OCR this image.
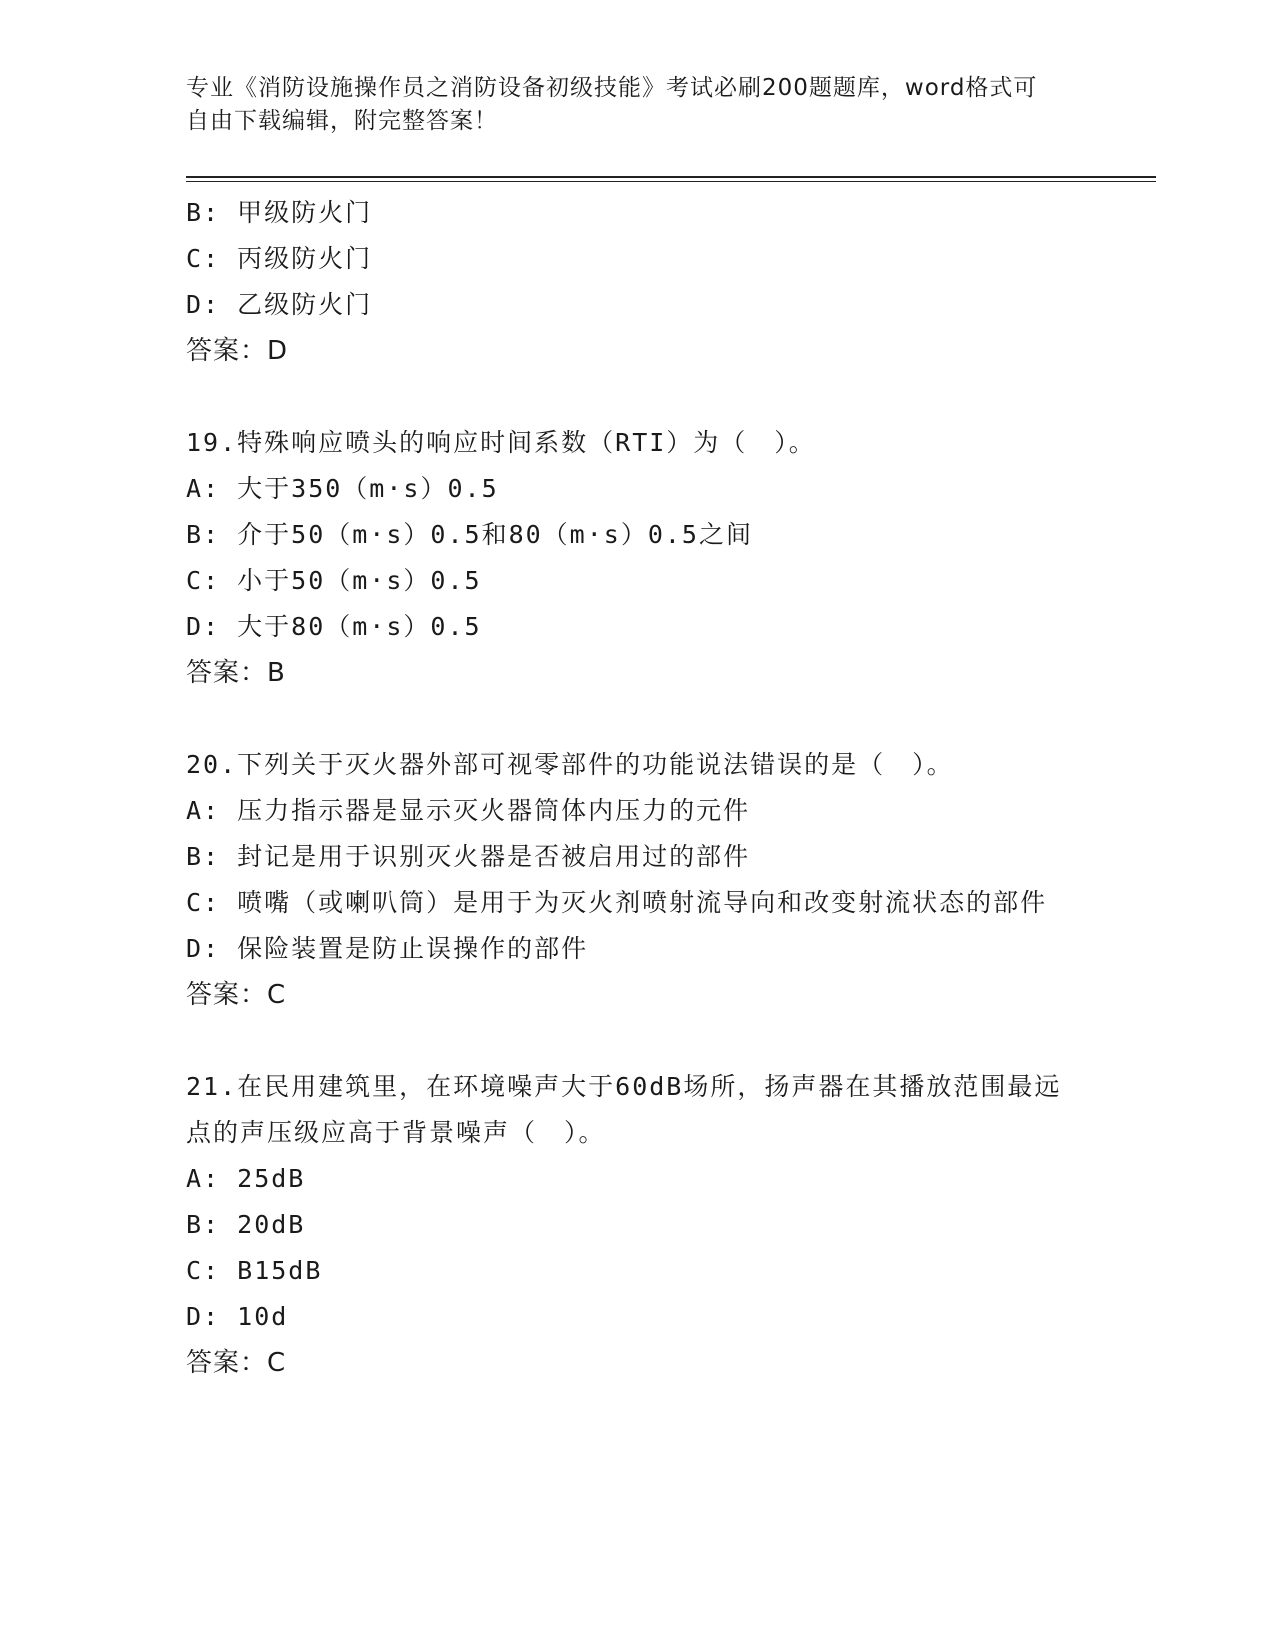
专业《消防设施操作员之消防设备初级技能》考试必刷200题题库，word格式可
自由下载编辑，附完整答案！
B: 甲级防火门
C: 丙级防火门
D: 乙级防火门
答案：D
19.特殊响应喷头的响应时间系数（RTI）为（　）。
A: 大于350（m·s）0.5
B: 介于50（m·s）0.5和80（m·s）0.5之间
C: 小于50（m·s）0.5
D: 大于80（m·s）0.5
答案：B
20.下列关于灭火器外部可视零部件的功能说法错误的是（　）。
A: 压力指示器是显示灭火器筒体内压力的元件
B: 封记是用于识别灭火器是否被启用过的部件
C: 喷嘴（或喇叭筒）是用于为灭火剂喷射流导向和改变射流状态的部件
D: 保险装置是防止误操作的部件
答案：C
21.在民用建筑里，在环境噪声大于60dB场所，扬声器在其播放范围最远点的声压级应高于背景噪声（　）。
A: 25dB
B: 20dB
C: B15dB
D: 10d
答案：C
